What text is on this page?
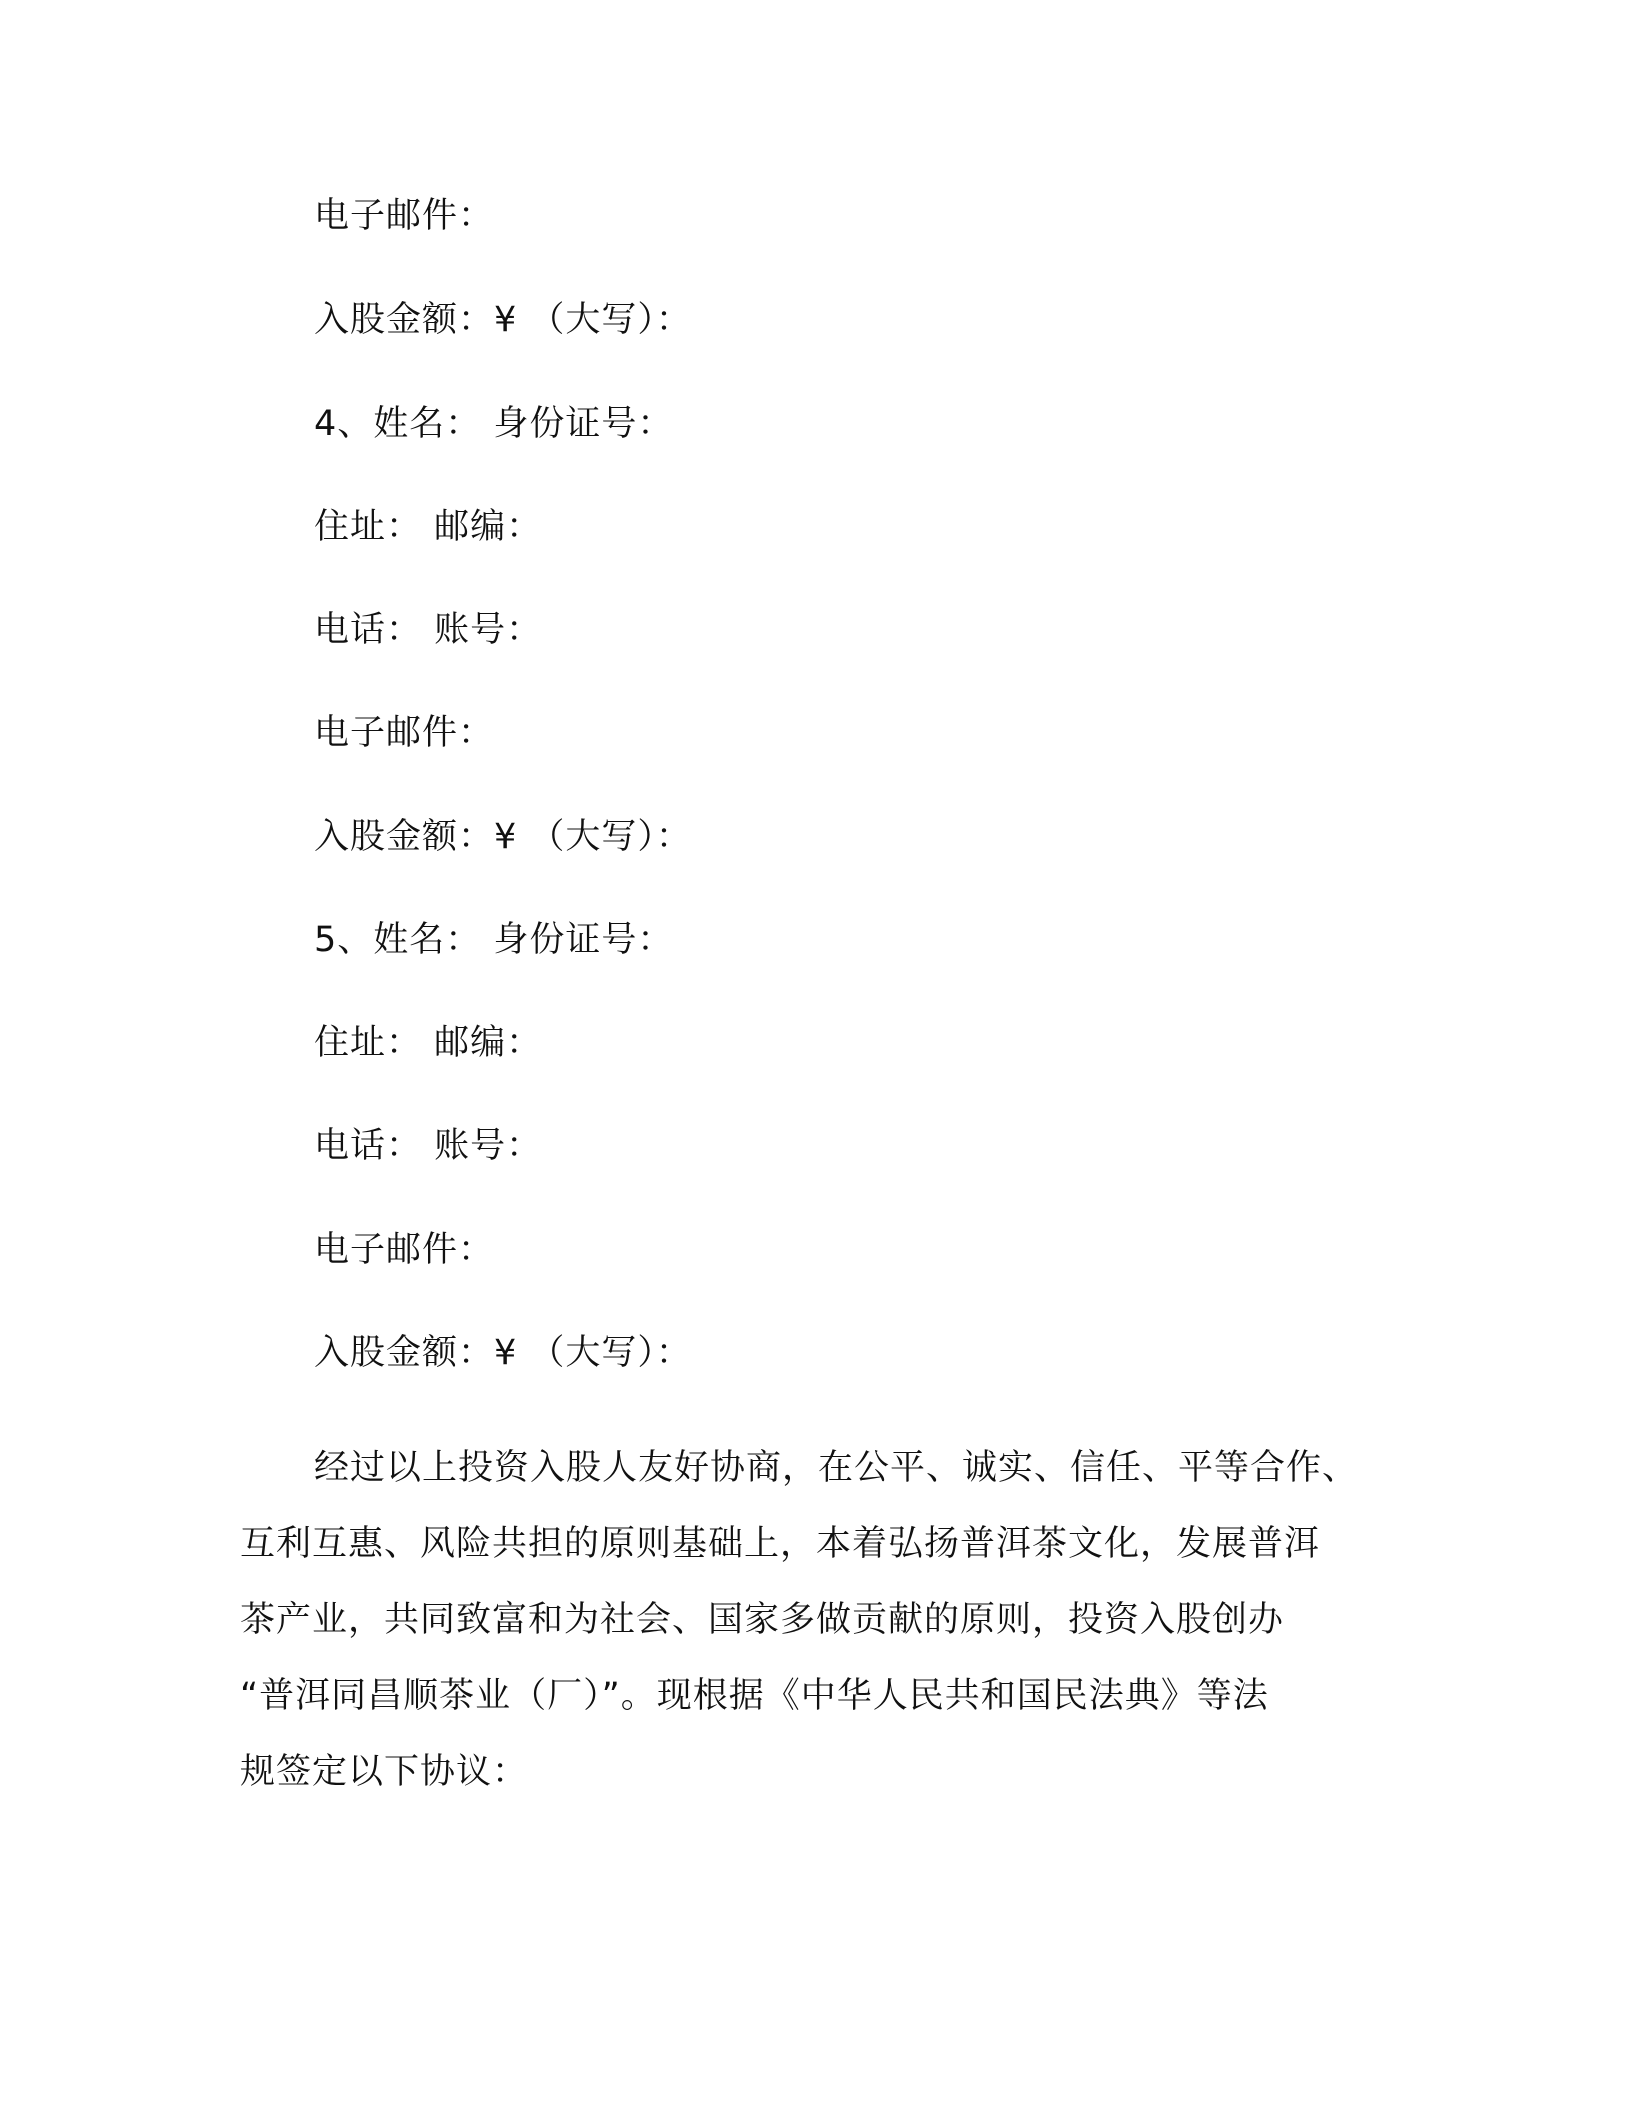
电子邮件：
入股金额：¥ （大写）：
4、姓名： 身份证号：
住址： 邮编：
电话： 账号：
电子邮件：
入股金额：¥ （大写）：
5、姓名： 身份证号：
住址： 邮编：
电话： 账号：
电子邮件：
入股金额：¥ （大写）：
经过以上投资入股人友好协商，在公平、诚实、信任、平等合作、
互利互惠、风险共担的原则基础上，本着弘扬普洱茶文化，发展普洱
茶产业，共同致富和为社会、国家多做贡献的原则，投资入股创办
“普洱同昌顺茶业（厂）”。现根据《中华人民共和国民法典》等法
规签定以下协议：
